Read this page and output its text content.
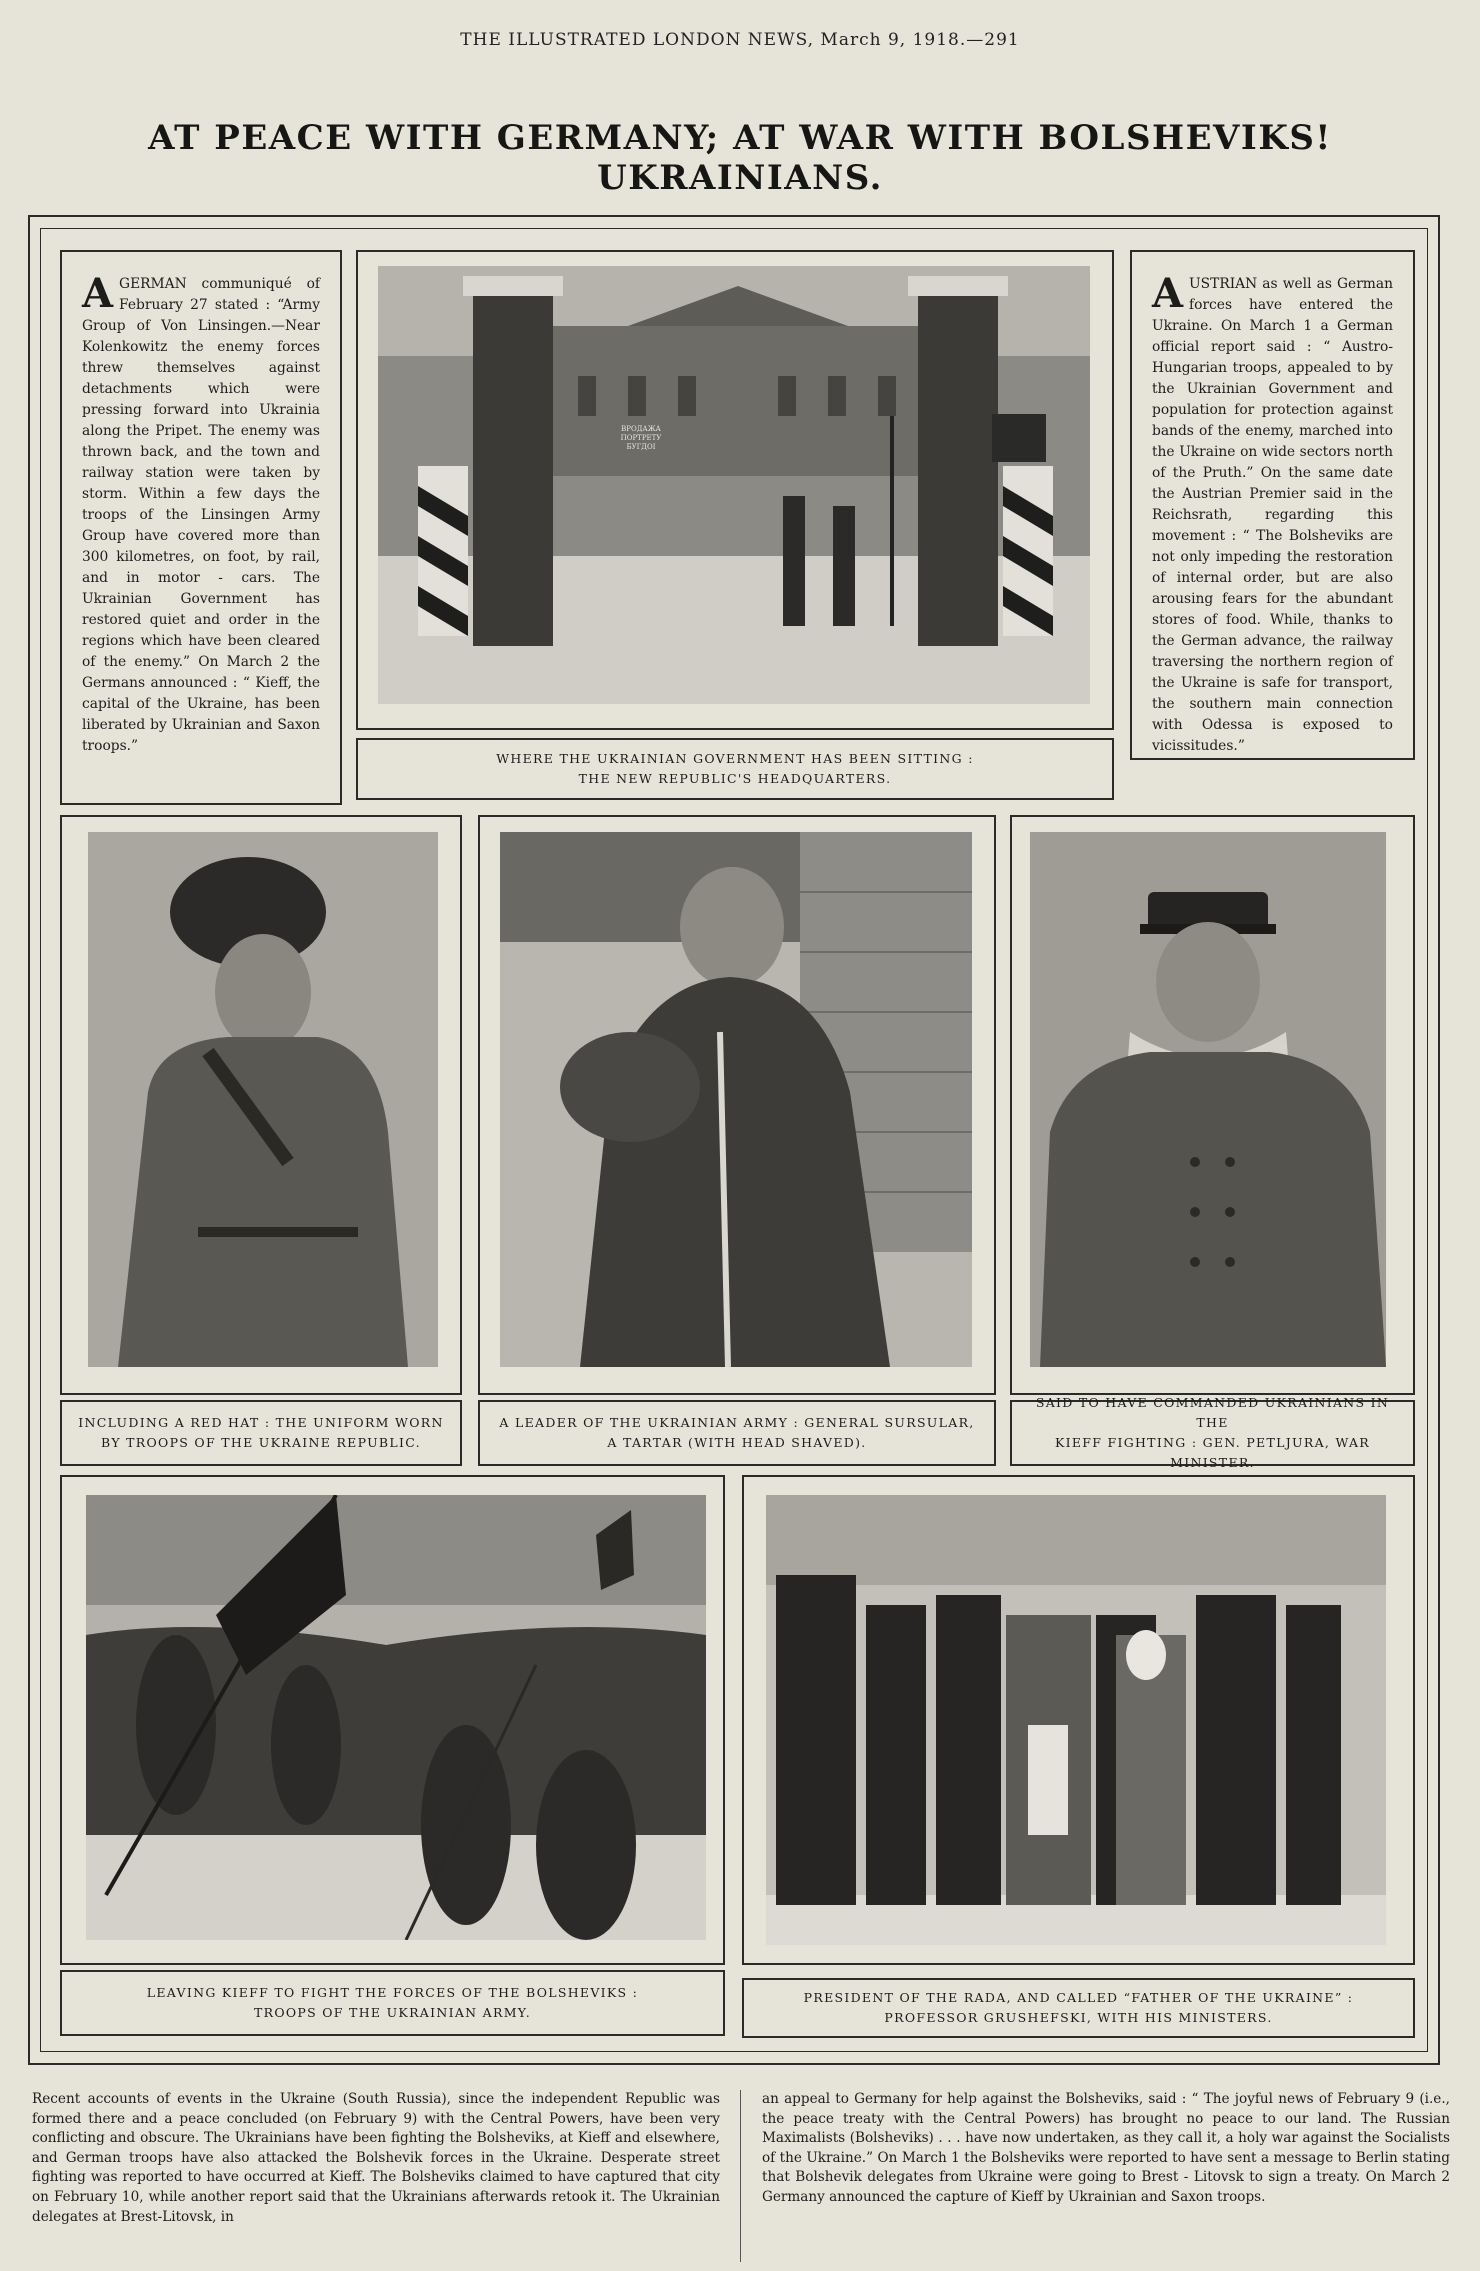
THE ILLUSTRATED LONDON NEWS, March 9, 1918.—291
AT PEACE WITH GERMANY; AT WAR WITH BOLSHEVIKS! UKRAINIANS.
A GERMAN communiqué of February 27 stated : “Army Group of Von Linsingen.—Near Kolenkowitz the enemy forces threw themselves against detachments which were pressing forward into Ukrainia along the Pripet. The enemy was thrown back, and the town and railway station were taken by storm. Within a few days the troops of the Linsingen Army Group have covered more than 300 kilometres, on foot, by rail, and in motor - cars. The Ukrainian Government has restored quiet and order in the regions which have been cleared of the enemy.” On March 2 the Germans announced : “ Kieff, the capital of the Ukraine, has been liberated by Ukrainian and Saxon troops.”
A USTRIAN as well as German forces have entered the Ukraine. On March 1 a German official report said : “ Austro-Hungarian troops, appealed to by the Ukrainian Government and population for protection against bands of the enemy, marched into the Ukraine on wide sectors north of the Pruth.” On the same date the Austrian Premier said in the Reichsrath, regarding this movement : “ The Bolsheviks are not only impeding the restoration of internal order, but are also arousing fears for the abundant stores of food. While, thanks to the German advance, the railway traversing the northern region of the Ukraine is safe for transport, the southern main connection with Odessa is exposed to vicissitudes.”
ВРОДАЖА
ПОРТРЕТУ
БУГДОІ
WHERE THE UKRAINIAN GOVERNMENT HAS BEEN SITTING :
THE NEW REPUBLIC'S HEADQUARTERS.
INCLUDING A RED HAT : THE UNIFORM WORN
BY TROOPS OF THE UKRAINE REPUBLIC.
A LEADER OF THE UKRAINIAN ARMY : GENERAL SURSULAR,
A TARTAR (WITH HEAD SHAVED).
SAID TO HAVE COMMANDED UKRAINIANS IN THE
KIEFF FIGHTING : GEN. PETLJURA, WAR MINISTER.
LEAVING KIEFF TO FIGHT THE FORCES OF THE BOLSHEVIKS :
TROOPS OF THE UKRAINIAN ARMY.
PRESIDENT OF THE RADA, AND CALLED “FATHER OF THE UKRAINE” :
PROFESSOR GRUSHEFSKI, WITH HIS MINISTERS.
Recent accounts of events in the Ukraine (South Russia), since the independent Republic was formed there and a peace concluded (on February 9) with the Central Powers, have been very conflicting and obscure. The Ukrainians have been fighting the Bolsheviks, at Kieff and elsewhere, and German troops have also attacked the Bolshevik forces in the Ukraine. Desperate street fighting was reported to have occurred at Kieff. The Bolsheviks claimed to have captured that city on February 10, while another report said that the Ukrainians afterwards retook it. The Ukrainian delegates at Brest-Litovsk, in
an appeal to Germany for help against the Bolsheviks, said : “ The joyful news of February 9 (i.e., the peace treaty with the Central Powers) has brought no peace to our land. The Russian Maximalists (Bolsheviks) . . . have now undertaken, as they call it, a holy war against the Socialists of the Ukraine.” On March 1 the Bolsheviks were reported to have sent a message to Berlin stating that Bolshevik delegates from Ukraine were going to Brest - Litovsk to sign a treaty. On March 2 Germany announced the capture of Kieff by Ukrainian and Saxon troops.
